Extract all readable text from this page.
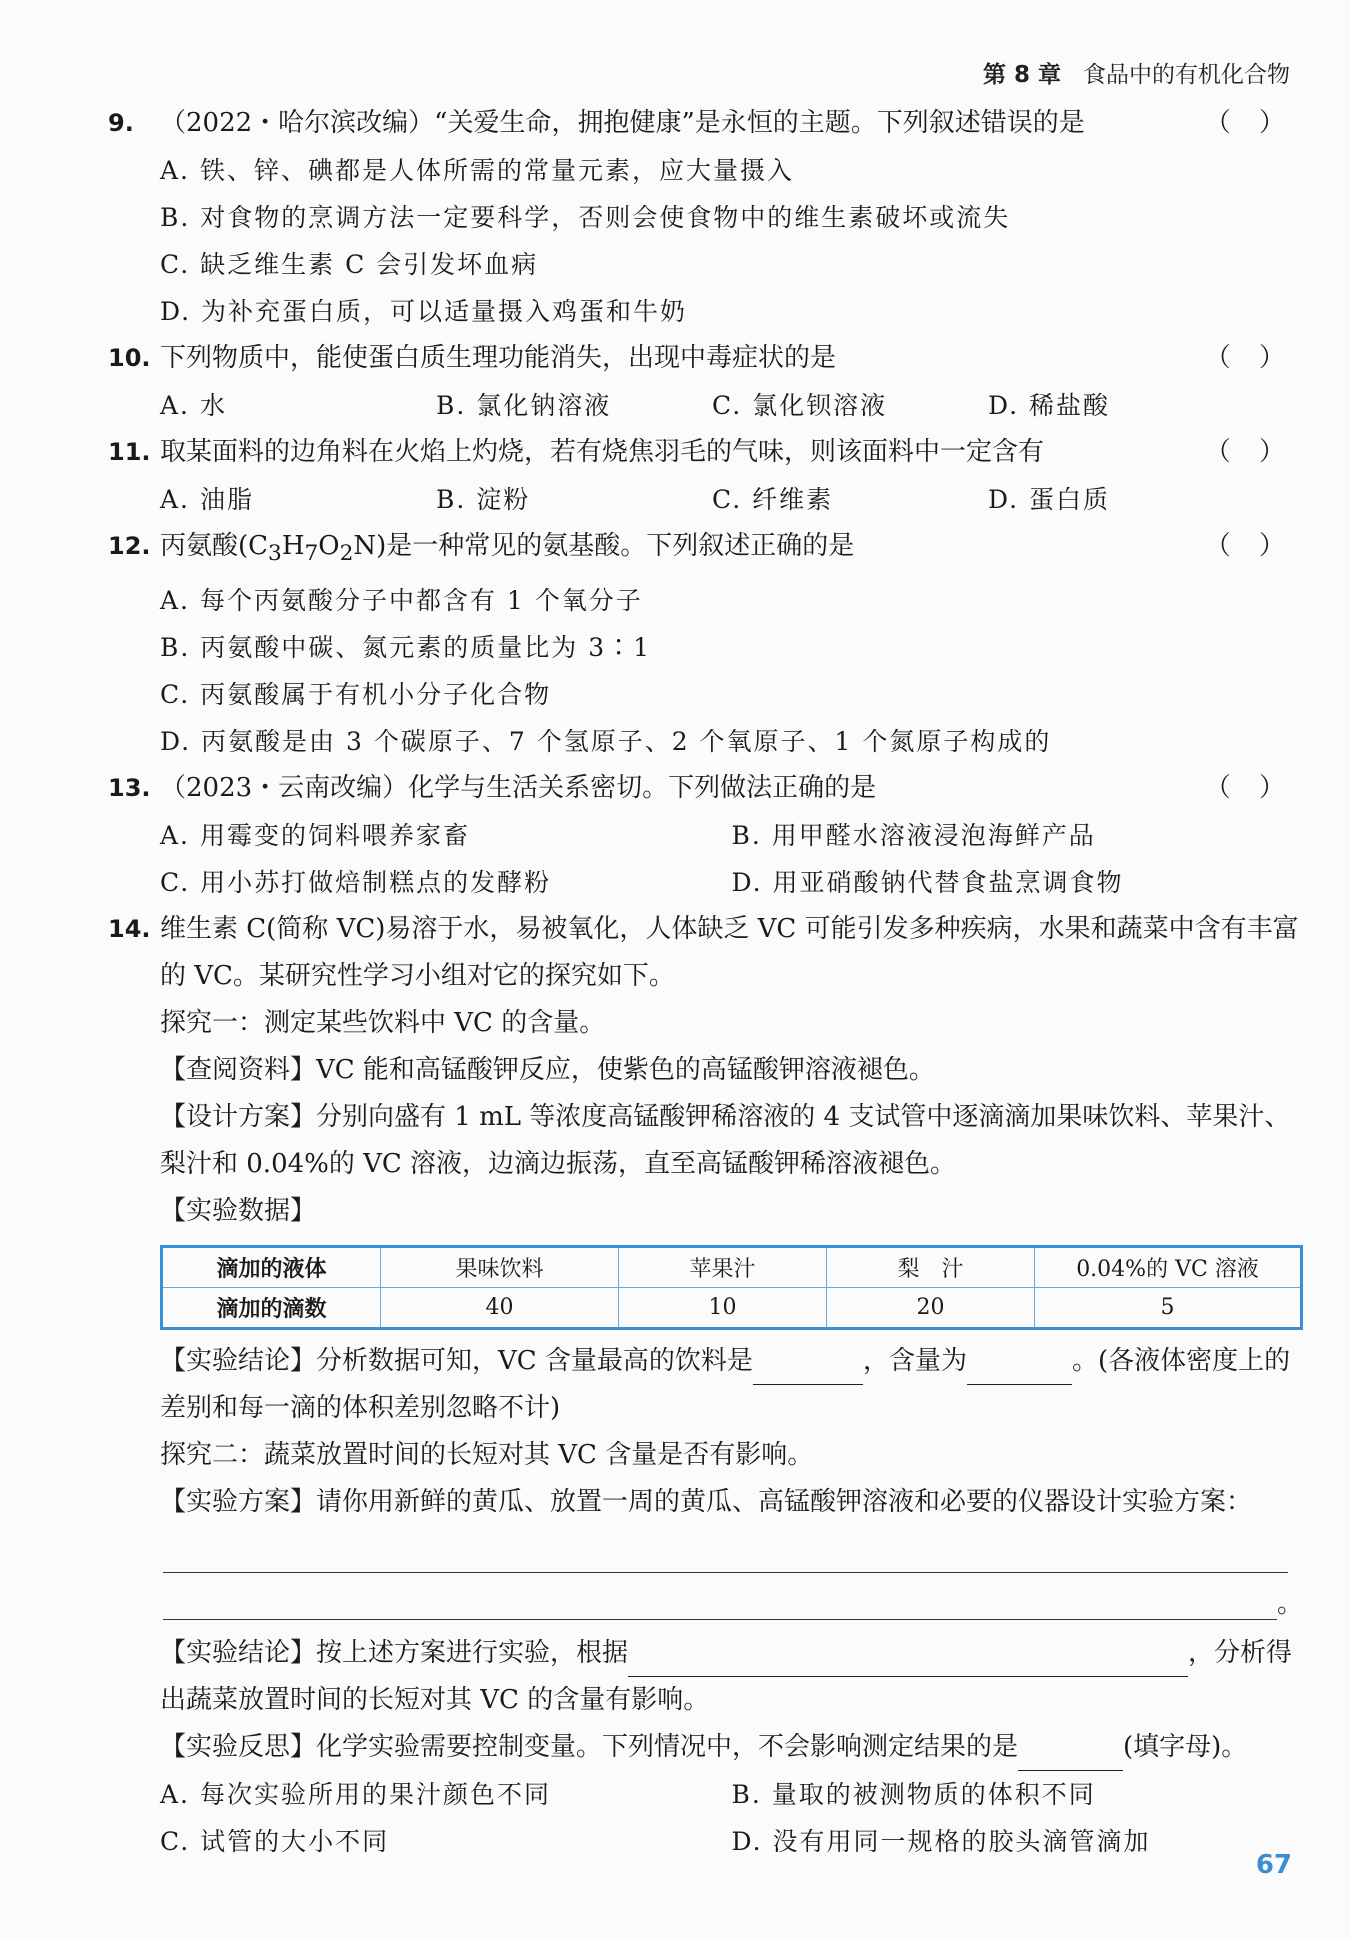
第 8 章 食品中的有机化合物
9.	（2022・哈尔滨改编）“关爱生命，拥抱健康”是永恒的主题。下列叙述错误的是	（ ）
A. 铁、锌、碘都是人体所需的常量元素，应大量摄入
B. 对食物的烹调方法一定要科学，否则会使食物中的维生素破坏或流失
C. 缺乏维生素 C 会引发坏血病
D. 为补充蛋白质，可以适量摄入鸡蛋和牛奶
10. 下列物质中，能使蛋白质生理功能消失，出现中毒症状的是	（ ）
A. 水	B. 氯化钠溶液	C. 氯化钡溶液	D. 稀盐酸
11. 取某面料的边角料在火焰上灼烧，若有烧焦羽毛的气味，则该面料中一定含有	（ ）
A. 油脂	B. 淀粉	C. 纤维素	D. 蛋白质
12. 丙氨酸$(C_3H_7O_2N)$是一种常见的氨基酸。下列叙述正确的是	（ ）
A. 每个丙氨酸分子中都含有 1 个氧分子
B. 丙氨酸中碳、氮元素的质量比为 3∶1
C. 丙氨酸属于有机小分子化合物
D. 丙氨酸是由 3 个碳原子、7 个氢原子、2 个氧原子、1 个氮原子构成的
13. （2023・云南改编）化学与生活关系密切。下列做法正确的是	（ ）
A. 用霉变的饲料喂养家畜	B. 用甲醛水溶液浸泡海鲜产品
C. 用小苏打做焙制糕点的发酵粉	D. 用亚硝酸钠代替食盐烹调食物
14. 维生素 C(简称 VC)易溶于水，易被氧化，人体缺乏 VC 可能引发多种疾病，水果和蔬菜中含有丰富的 VC。某研究性学习小组对它的探究如下。
探究一：测定某些饮料中 VC 的含量。
【查阅资料】VC 能和高锰酸钾反应，使紫色的高锰酸钾溶液褪色。
【设计方案】分别向盛有 1 mL 等浓度高锰酸钾稀溶液的 4 支试管中逐滴滴加果味饮料、苹果汁、梨汁和 0.04%的 VC 溶液，边滴边振荡，直至高锰酸钾稀溶液褪色。
【实验数据】
滴加的液体	果味饮料	苹果汁	梨　汁	0.04%的 VC 溶液
滴加的滴数	40	10	20	5
【实验结论】分析数据可知，VC 含量最高的饮料是	，含量为	。(各液体密度上的差别和每一滴的体积差别忽略不计)
探究二：蔬菜放置时间的长短对其 VC 含量是否有影响。
【实验方案】请你用新鲜的黄瓜、放置一周的黄瓜、高锰酸钾溶液和必要的仪器设计实验方案：
。
【实验结论】按上述方案进行实验，根据	，分析得出蔬菜放置时间的长短对其 VC 的含量有影响。
【实验反思】化学实验需要控制变量。下列情况中，不会影响测定结果的是	(填字母)。
A. 每次实验所用的果汁颜色不同	B. 量取的被测物质的体积不同
C. 试管的大小不同	D. 没有用同一规格的胶头滴管滴加
67
